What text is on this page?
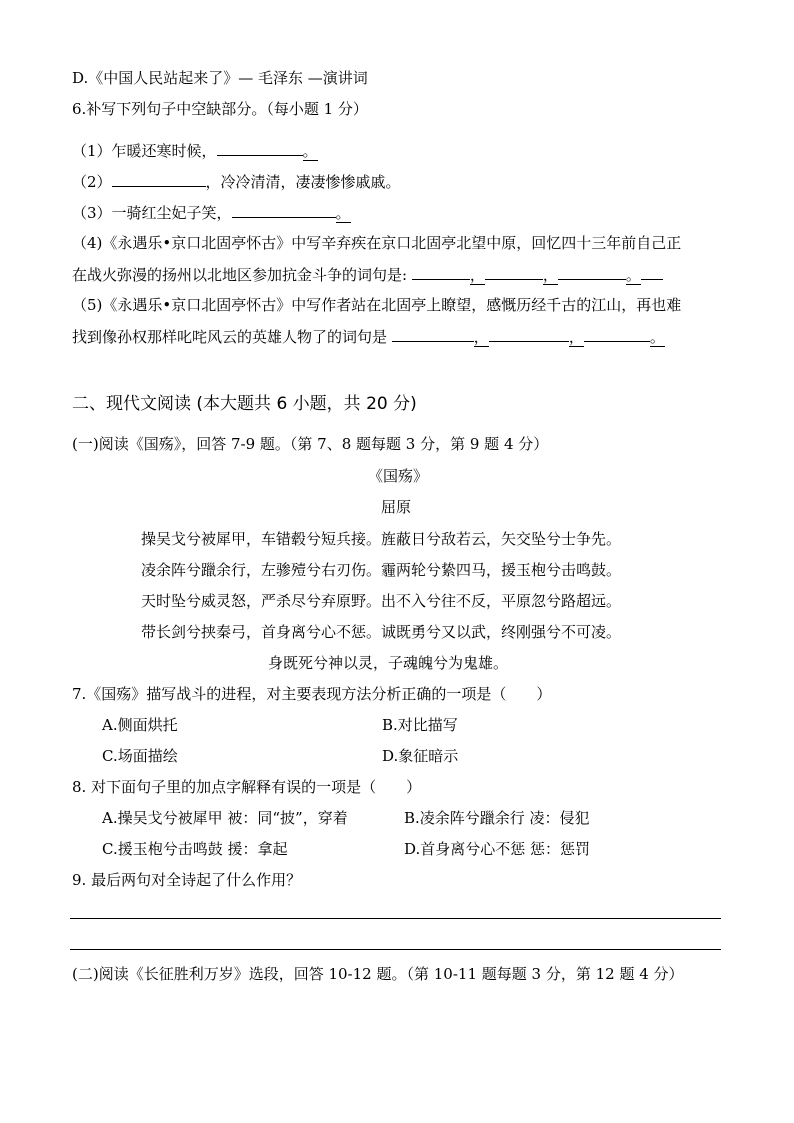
D.《中国人民站起来了》— 毛泽东 —演讲词
6.补写下列句子中空缺部分。（每小题 1 分）
（1）乍暖还寒时候，	。
（2）	，冷冷清清，凄凄惨惨戚戚。
（3）一骑红尘妃子笑，	。
（4)《永遇乐•京口北固亭怀古》中写辛弃疾在京口北固亭北望中原，回忆四十三年前自己正
在战火弥漫的扬州以北地区参加抗金斗争的词句是:	，	，	。
（5)《永遇乐•京口北固亭怀古》中写作者站在北固亭上瞭望，感慨历经千古的江山，再也难
找到像孙权那样叱咤风云的英雄人物了的词句是	，	，	。
二、现代文阅读 (本大题共 6 小题，共 20 分)
(一)阅读《国殇》，回答 7-9 题。（第 7、8 题每题 3 分，第 9 题 4 分）
《国殇》
屈原
操吴戈兮被犀甲，车错毂兮短兵接。旌蔽日兮敌若云，矢交坠兮士争先。
凌余阵兮躐余行，左骖殪兮右刃伤。霾两轮兮絷四马，援玉枹兮击鸣鼓。
天时坠兮威灵怒，严杀尽兮弃原野。出不入兮往不反，平原忽兮路超远。
带长剑兮挟秦弓，首身离兮心不惩。诚既勇兮又以武，终刚强兮不可凌。
身既死兮神以灵，子魂魄兮为鬼雄。
7.《国殇》描写战斗的进程，对主要表现方法分析正确的一项是（　　）
A.侧面烘托	B.对比描写
C.场面描绘	D.象征暗示
8. 对下面句子里的加点字解释有误的一项是（　　）
A.操吴戈兮被犀甲 被：同“披”，穿着	B.凌余阵兮躐余行 凌：侵犯
C.援玉枹兮击鸣鼓 援：拿起	D.首身离兮心不惩 惩：惩罚
9. 最后两句对全诗起了什么作用？
(二)阅读《长征胜利万岁》选段，回答 10-12 题。（第 10-11 题每题 3 分，第 12 题 4 分）
